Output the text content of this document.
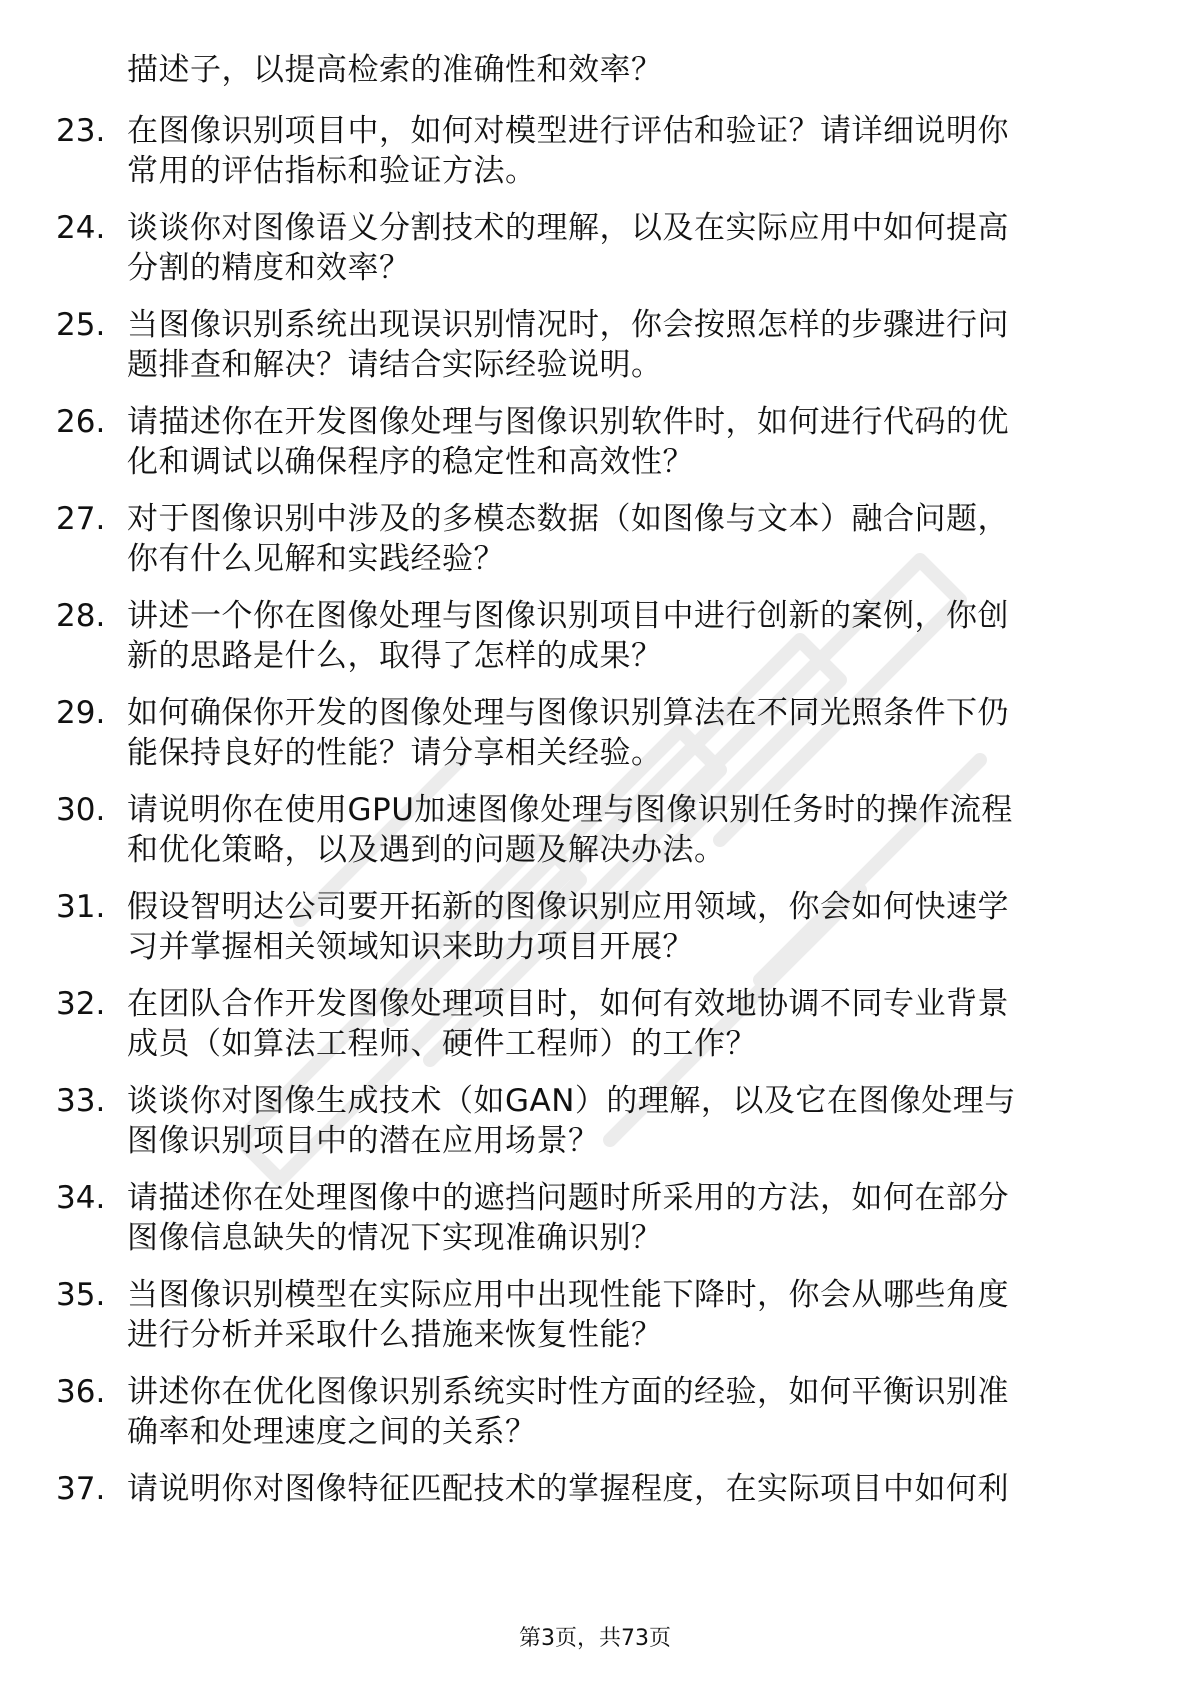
描述子，以提高检索的准确性和效率？
23. 在图像识别项目中，如何对模型进行评估和验证？请详细说明你
常用的评估指标和验证方法。
24. 谈谈你对图像语义分割技术的理解，以及在实际应用中如何提高
分割的精度和效率？
25. 当图像识别系统出现误识别情况时，你会按照怎样的步骤进行问
题排查和解决？请结合实际经验说明。
26. 请描述你在开发图像处理与图像识别软件时，如何进行代码的优
化和调试以确保程序的稳定性和高效性？
27. 对于图像识别中涉及的多模态数据（如图像与文本）融合问题，
你有什么见解和实践经验？
28. 讲述一个你在图像处理与图像识别项目中进行创新的案例，你创
新的思路是什么，取得了怎样的成果？
29. 如何确保你开发的图像处理与图像识别算法在不同光照条件下仍
能保持良好的性能？请分享相关经验。
30. 请说明你在使用GPU加速图像处理与图像识别任务时的操作流程
和优化策略，以及遇到的问题及解决办法。
31. 假设智明达公司要开拓新的图像识别应用领域，你会如何快速学
习并掌握相关领域知识来助力项目开展？
32. 在团队合作开发图像处理项目时，如何有效地协调不同专业背景
成员（如算法工程师、硬件工程师）的工作？
33. 谈谈你对图像生成技术（如GAN）的理解，以及它在图像处理与
图像识别项目中的潜在应用场景？
34. 请描述你在处理图像中的遮挡问题时所采用的方法，如何在部分
图像信息缺失的情况下实现准确识别？
35. 当图像识别模型在实际应用中出现性能下降时，你会从哪些角度
进行分析并采取什么措施来恢复性能？
36. 讲述你在优化图像识别系统实时性方面的经验，如何平衡识别准
确率和处理速度之间的关系？
37. 请说明你对图像特征匹配技术的掌握程度，在实际项目中如何利
第3页，共73页
